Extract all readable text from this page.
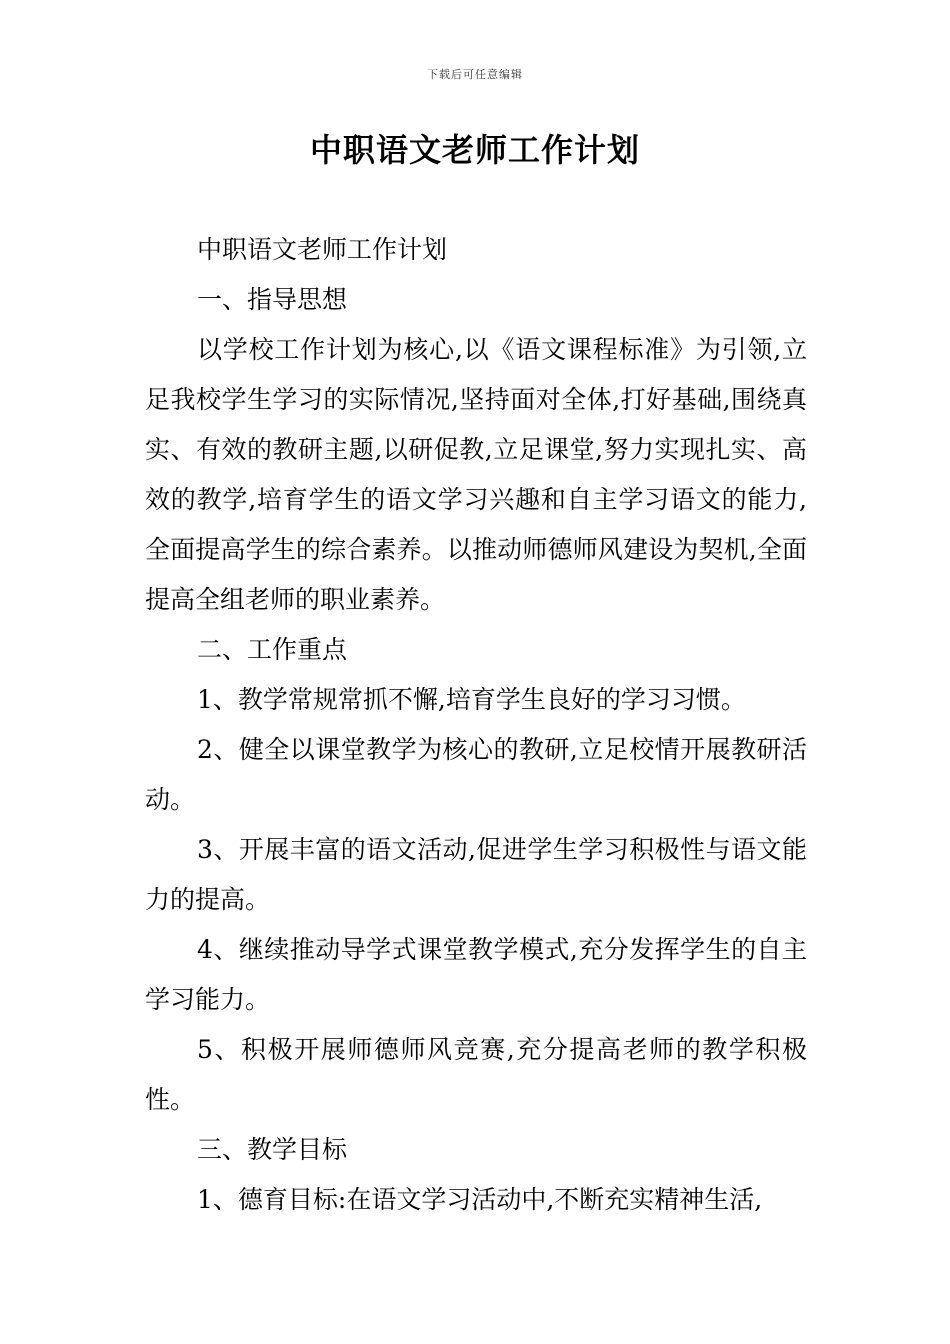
下载后可任意编辑
中职语文老师工作计划

中职语文老师工作计划

一、指导思想

以学校工作计划为核心,以《语文课程标准》为引领,立足我校学生学习的实际情况,坚持面对全体,打好基础,围绕真实、有效的教研主题,以研促教,立足课堂,努力实现扎实、高效的教学,培育学生的语文学习兴趣和自主学习语文的能力,全面提高学生的综合素养。以推动师德师风建设为契机,全面提高全组老师的职业素养。

二、工作重点

1、教学常规常抓不懈,培育学生良好的学习习惯。

2、健全以课堂教学为核心的教研,立足校情开展教研活动。

3、开展丰富的语文活动,促进学生学习积极性与语文能力的提高。

4、继续推动导学式课堂教学模式,充分发挥学生的自主学习能力。

5、积极开展师德师风竞赛,充分提高老师的教学积极性。

三、教学目标

1、德育目标:在语文学习活动中,不断充实精神生活,
